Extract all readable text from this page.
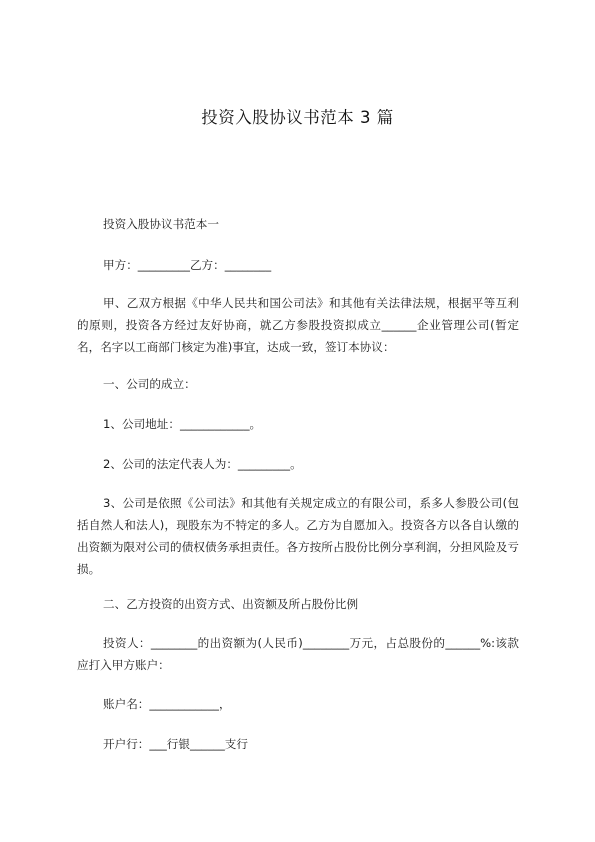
投资入股协议书范本 3 篇

投资入股协议书范本一

甲方：_________乙方：________

甲、乙双方根据《中华人民共和国公司法》和其他有关法律法规，根据平等互利的原则，投资各方经过友好协商，就乙方参股投资拟成立______企业管理公司(暂定名，名字以工商部门核定为准)事宜，达成一致，签订本协议：

一、公司的成立：

1、公司地址：____________。

2、公司的法定代表人为：_________。

3、公司是依照《公司法》和其他有关规定成立的有限公司，系多人参股公司(包括自然人和法人)，现股东为不特定的多人。乙方为自愿加入。投资各方以各自认缴的出资额为限对公司的债权债务承担责任。各方按所占股份比例分享利润，分担风险及亏损。

二、乙方投资的出资方式、出资额及所占股份比例

投资人：________的出资额为(人民币)________万元，占总股份的______%:该款应打入甲方账户：

账户名：____________，

开户行：___行银______支行
